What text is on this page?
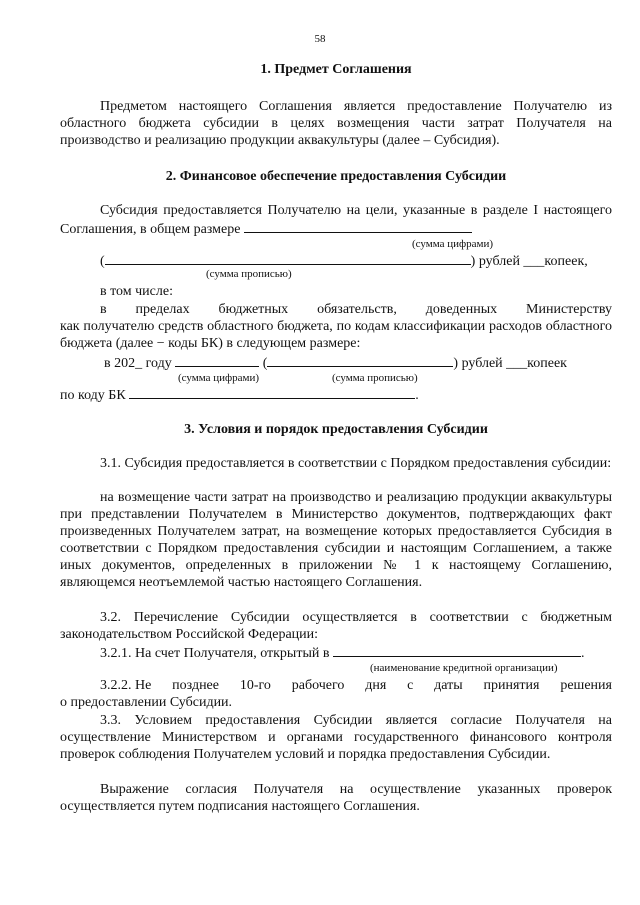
58
1. Предмет Соглашения
Предметом настоящего Соглашения является предоставление Получателю из областного бюджета субсидии в целях возмещения части затрат Получателя на производство и реализацию продукции аквакультуры (далее – Субсидия).
2. Финансовое обеспечение предоставления Субсидии
Субсидия предоставляется Получателю на цели, указанные в разделе I настоящего Соглашения, в общем размере
(сумма цифрами)
(	) рублей ___копеек,
(сумма прописью)
в том числе:
в пределах бюджетных обязательств, доведенных Министерству
как получателю средств областного бюджета, по кодам классификации расходов областного бюджета (далее − коды БК) в следующем размере:
в 202_ году	(	) рублей ___копеек
(сумма цифрами)	(сумма прописью)
по коду БК	.
3. Условия и порядок предоставления Субсидии
3.1. Субсидия предоставляется в соответствии с Порядком предоставления субсидии:
на возмещение части затрат на производство и реализацию продукции аквакультуры при представлении Получателем в Министерство документов, подтверждающих факт произведенных Получателем затрат, на возмещение которых предоставляется Субсидия в соответствии с Порядком предоставления субсидии и настоящим Соглашением, а также иных документов, определенных в приложении № 1 к настоящему Соглашению, являющемся неотъемлемой частью настоящего Соглашения.
3.2. Перечисление Субсидии осуществляется в соответствии с бюджетным законодательством Российской Федерации:
3.2.1. На счет Получателя, открытый в	.
(наименование кредитной организации)
3.2.2. Не позднее 10-го рабочего дня с даты принятия решения
о предоставлении Субсидии.
3.3. Условием предоставления Субсидии является согласие Получателя на осуществление Министерством и органами государственного финансового контроля проверок соблюдения Получателем условий и порядка предоставления Субсидии.
Выражение согласия Получателя на осуществление указанных проверок осуществляется путем подписания настоящего Соглашения.
